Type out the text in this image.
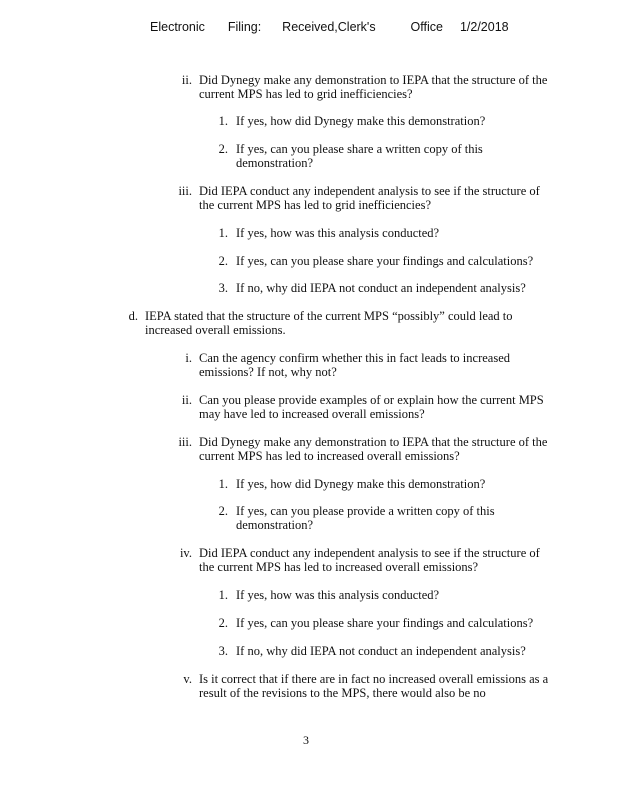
Electronic Filing: Received,Clerk's	Office 1/2/2018
ii. Did Dynegy make any demonstration to IEPA that the structure of the
current MPS has led to grid inefficiencies?
1. If yes, how did Dynegy make this demonstration?
2. If yes, can you please share a written copy of this
demonstration?
iii. Did IEPA conduct any independent analysis to see if the structure of
the current MPS has led to grid inefficiencies?
1. If yes, how was this analysis conducted?
2. If yes, can you please share your findings and calculations?
3. If no, why did IEPA not conduct an independent analysis?
d. IEPA stated that the structure of the current MPS “possibly” could lead to
increased overall emissions.
i. Can the agency confirm whether this in fact leads to increased
emissions? If not, why not?
ii. Can you please provide examples of or explain how the current MPS
may have led to increased overall emissions?
iii. Did Dynegy make any demonstration to IEPA that the structure of the
current MPS has led to increased overall emissions?
1. If yes, how did Dynegy make this demonstration?
2. If yes, can you please provide a written copy of this
demonstration?
iv. Did IEPA conduct any independent analysis to see if the structure of
the current MPS has led to increased overall emissions?
1. If yes, how was this analysis conducted?
2. If yes, can you please share your findings and calculations?
3. If no, why did IEPA not conduct an independent analysis?
v. Is it correct that if there are in fact no increased overall emissions as a
result of the revisions to the MPS, there would also be no
3
